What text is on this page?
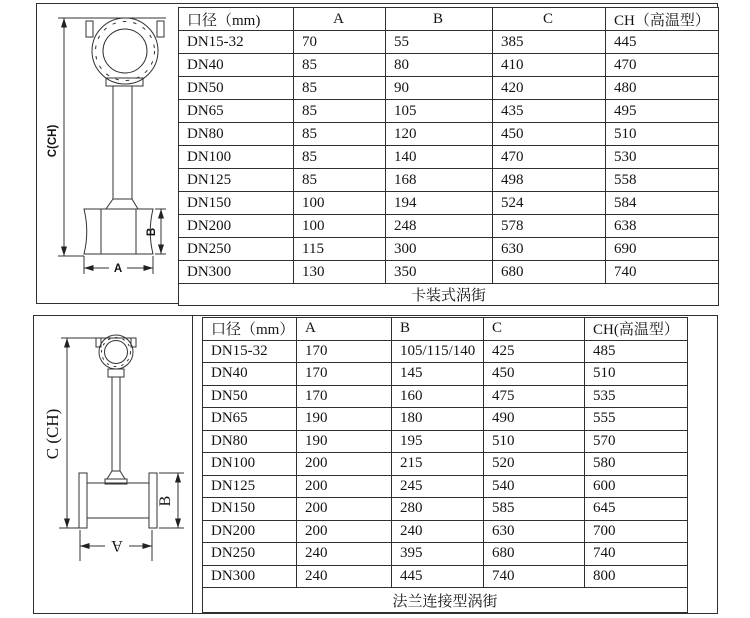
C(CH)
B
A
口径（mm)	A	B	C	CH（高温型）
DN15-32	70	55	385	445
DN40	85	80	410	470
DN50	85	90	420	480
DN65	85	105	435	495
DN80	85	120	450	510
DN100	85	140	470	530
DN125	85	168	498	558
DN150	100	194	524	584
DN200	100	248	578	638
DN250	115	300	630	690
DN300	130	350	680	740
卡装式涡街				
C (CH)
B
A
口径（mm）	A	B	C	CH(高温型）
DN15-32	170	105/115/140	425	485
DN40	170	145	450	510
DN50	170	160	475	535
DN65	190	180	490	555
DN80	190	195	510	570
DN100	200	215	520	580
DN125	200	245	540	600
DN150	200	280	585	645
DN200	200	240	630	700
DN250	240	395	680	740
DN300	240	445	740	800
法兰连接型涡街				
